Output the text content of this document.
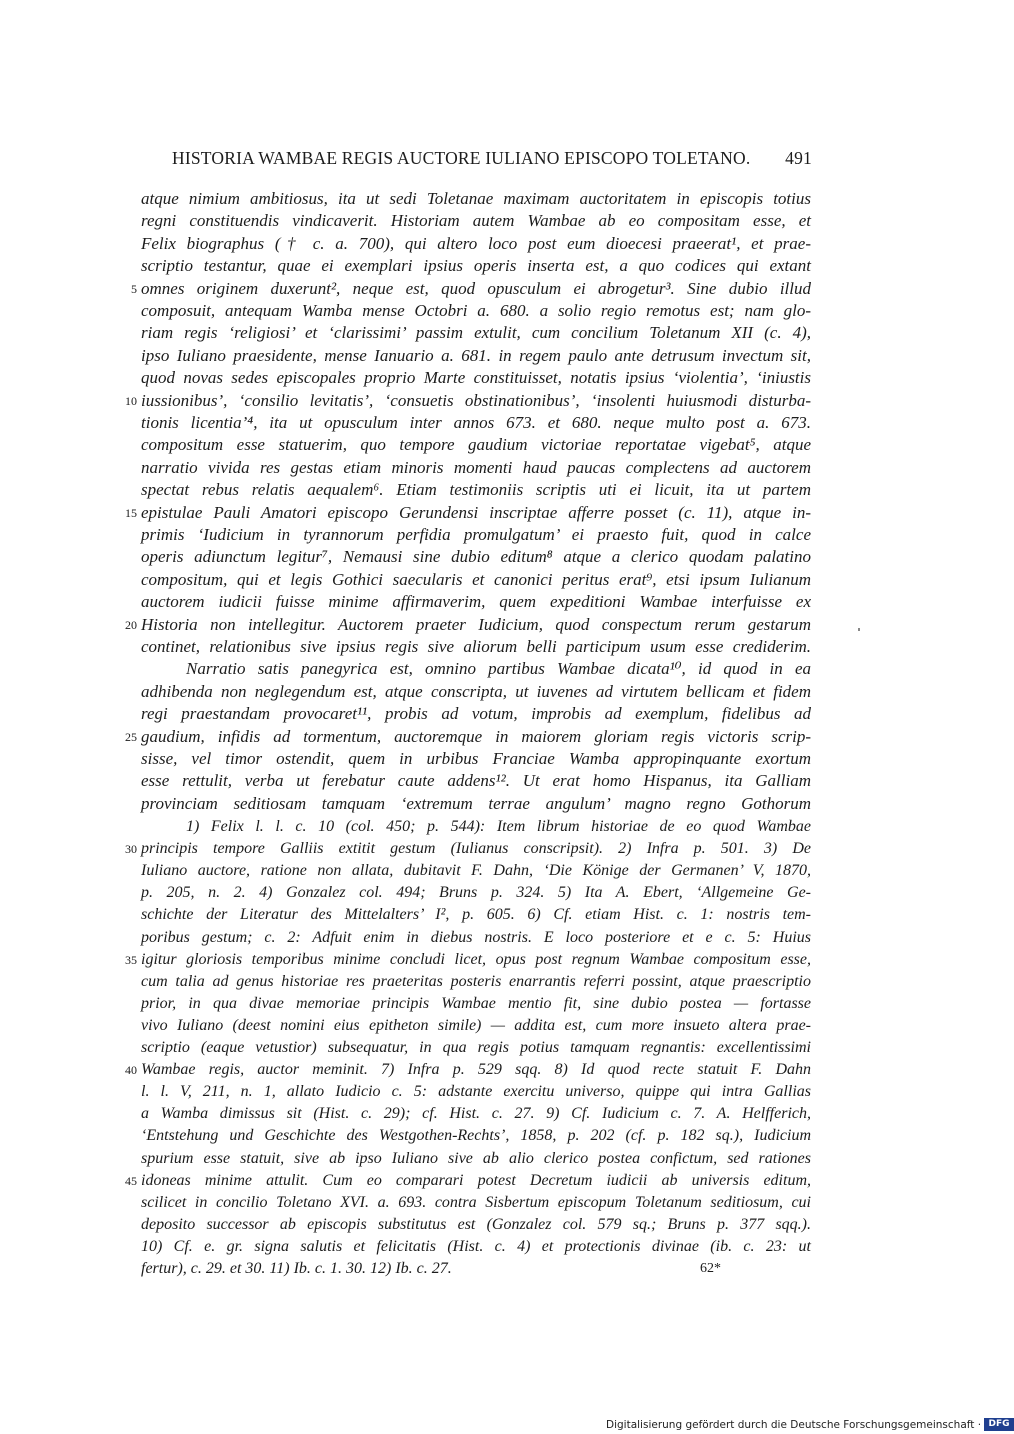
HISTORIA WAMBAE REGIS AUCTORE IULIANO EPISCOPO TOLETANO. 491
atque nimium ambitiosus, ita ut sedi Toletanae maximam auctoritatem in episcopis totius
regni constituendis vindicaverit. Historiam autem Wambae ab eo compositam esse, et
Felix biographus († c. a. 700), qui altero loco post eum dioecesi praeerat¹, et prae-
scriptio testantur, quae ei exemplari ipsius operis inserta est, a quo codices qui extant
5 omnes originem duxerunt², neque est, quod opusculum ei abrogetur³. Sine dubio illud
composuit, antequam Wamba mense Octobri a. 680. a solio regio remotus est; nam glo-
riam regis ‘religiosi’ et ‘clarissimi’ passim extulit, cum concilium Toletanum XII (c. 4),
ipso Iuliano praesidente, mense Ianuario a. 681. in regem paulo ante detrusum invectum sit,
quod novas sedes episcopales proprio Marte constituisset, notatis ipsius ‘violentia’, ‘iniustis
10 iussionibus’, ‘consilio levitatis’, ‘consuetis obstinationibus’, ‘insolenti huiusmodi disturba-
tionis licentia’⁴, ita ut opusculum inter annos 673. et 680. neque multo post a. 673.
compositum esse statuerim, quo tempore gaudium victoriae reportatae vigebat⁵, atque
narratio vivida res gestas etiam minoris momenti haud paucas complectens ad auctorem
spectat rebus relatis aequalem⁶. Etiam testimoniis scriptis uti ei licuit, ita ut partem
15 epistulae Pauli Amatori episcopo Gerundensi inscriptae afferre posset (c. 11), atque in-
primis ‘Iudicium in tyrannorum perfidia promulgatum’ ei praesto fuit, quod in calce
operis adiunctum legitur⁷, Nemausi sine dubio editum⁸ atque a clerico quodam palatino
compositum, qui et legis Gothici saecularis et canonici peritus erat⁹, etsi ipsum Iulianum
auctorem iudicii fuisse minime affirmaverim, quem expeditioni Wambae interfuisse ex
20 Historia non intellegitur. Auctorem praeter Iudicium, quod conspectum rerum gestarum
continet, relationibus sive ipsius regis sive aliorum belli participum usum esse crediderim.
Narratio satis panegyrica est, omnino partibus Wambae dicata¹⁰, id quod in ea
adhibenda non neglegendum est, atque conscripta, ut iuvenes ad virtutem bellicam et fidem
regi praestandam provocaret¹¹, probis ad votum, improbis ad exemplum, fidelibus ad
25 gaudium, infidis ad tormentum, auctoremque in maiorem gloriam regis victoris scrip-
sisse, vel timor ostendit, quem in urbibus Franciae Wamba appropinquante exortum
esse rettulit, verba ut ferebatur caute addens¹². Ut erat homo Hispanus, ita Galliam
provinciam seditiosam tamquam ‘extremum terrae angulum’ magno regno Gothorum
1) Felix l. l. c. 10 (col. 450; p. 544): Item librum historiae de eo quod Wambae
30 principis tempore Galliis extitit gestum (Iulianus conscripsit). 2) Infra p. 501. 3) De
Iuliano auctore, ratione non allata, dubitavit F. Dahn, ‘Die Könige der Germanen’ V, 1870,
p. 205, n. 2. 4) Gonzalez col. 494; Bruns p. 324. 5) Ita A. Ebert, ‘Allgemeine Ge-
schichte der Literatur des Mittelalters’ I², p. 605. 6) Cf. etiam Hist. c. 1: nostris tem-
poribus gestum; c. 2: Adfuit enim in diebus nostris. E loco posteriore et e c. 5: Huius
35 igitur gloriosis temporibus minime concludi licet, opus post regnum Wambae compositum esse,
cum talia ad genus historiae res praeteritas posteris enarrantis referri possint, atque praescriptio
prior, in qua divae memoriae principis Wambae mentio fit, sine dubio postea — fortasse
vivo Iuliano (deest nomini eius epitheton simile) — addita est, cum more insueto altera prae-
scriptio (eaque vetustior) subsequatur, in qua regis potius tamquam regnantis: excellentissimi
40 Wambae regis, auctor meminit. 7) Infra p. 529 sqq. 8) Id quod recte statuit F. Dahn
l. l. V, 211, n. 1, allato Iudicio c. 5: adstante exercitu universo, quippe qui intra Gallias
a Wamba dimissus sit (Hist. c. 29); cf. Hist. c. 27. 9) Cf. Iudicium c. 7. A. Helfferich,
‘Entstehung und Geschichte des Westgothen-Rechts’, 1858, p. 202 (cf. p. 182 sq.), Iudicium
spurium esse statuit, sive ab ipso Iuliano sive ab alio clerico postea confictum, sed rationes
45 idoneas minime attulit. Cum eo comparari potest Decretum iudicii ab universis editum,
scilicet in concilio Toletano XVI. a. 693. contra Sisbertum episcopum Toletanum seditiosum, cui
deposito successor ab episcopis substitutus est (Gonzalez col. 579 sq.; Bruns p. 377 sqq.).
10) Cf. e. gr. signa salutis et felicitatis (Hist. c. 4) et protectionis divinae (ib. c. 23: ut
fertur), c. 29. et 30. 11) Ib. c. 1. 30. 12) Ib. c. 27.	62*
Digitalisierung gefördert durch die Deutsche Forschungsgemeinschaft · DFG
